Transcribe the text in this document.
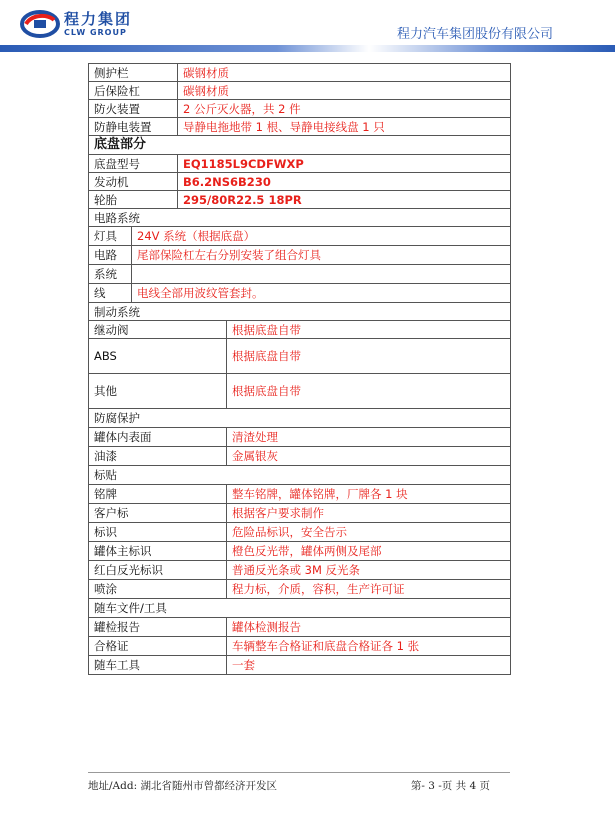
程力集团
CLW GROUP	程力汽车集团股份有限公司
侧护栏		碳钢材质	
后保险杠		碳钢材质	
防火装置		2 公斤灭火器，共 2 件	
防静电装置		导静电拖地带 1 根、导静电接线盘 1 只	
底盘部分			
底盘型号		EQ1185L9CDFWXP	
发动机		B6.2NS6B230	
轮胎		295/80R22.5 18PR	
电路系统			
灯具	24V 系统（根据底盘）		
电路	尾部保险杠左右分别安装了组合灯具		
系统			
线	电线全部用波纹管套封。		
制动系统			
继动阀			根据底盘自带
ABS			根据底盘自带
其他			根据底盘自带
防腐保护			
罐体内表面			清渣处理
油漆			金属银灰
标贴			
铭牌			整车铭牌，罐体铭牌，厂牌各 1 块
客户标			根据客户要求制作
标识			危险品标识，安全告示
罐体主标识			橙色反光带，罐体两侧及尾部
红白反光标识			普通反光条或 3M 反光条
喷涂			程力标，介质，容积，生产许可证
随车文件/工具			
罐检报告			罐体检测报告
合格证			车辆整车合格证和底盘合格证各 1 张
随车工具			一套
地址/Add: 湖北省随州市曾都经济开发区	第- 3 -页 共 4 页
